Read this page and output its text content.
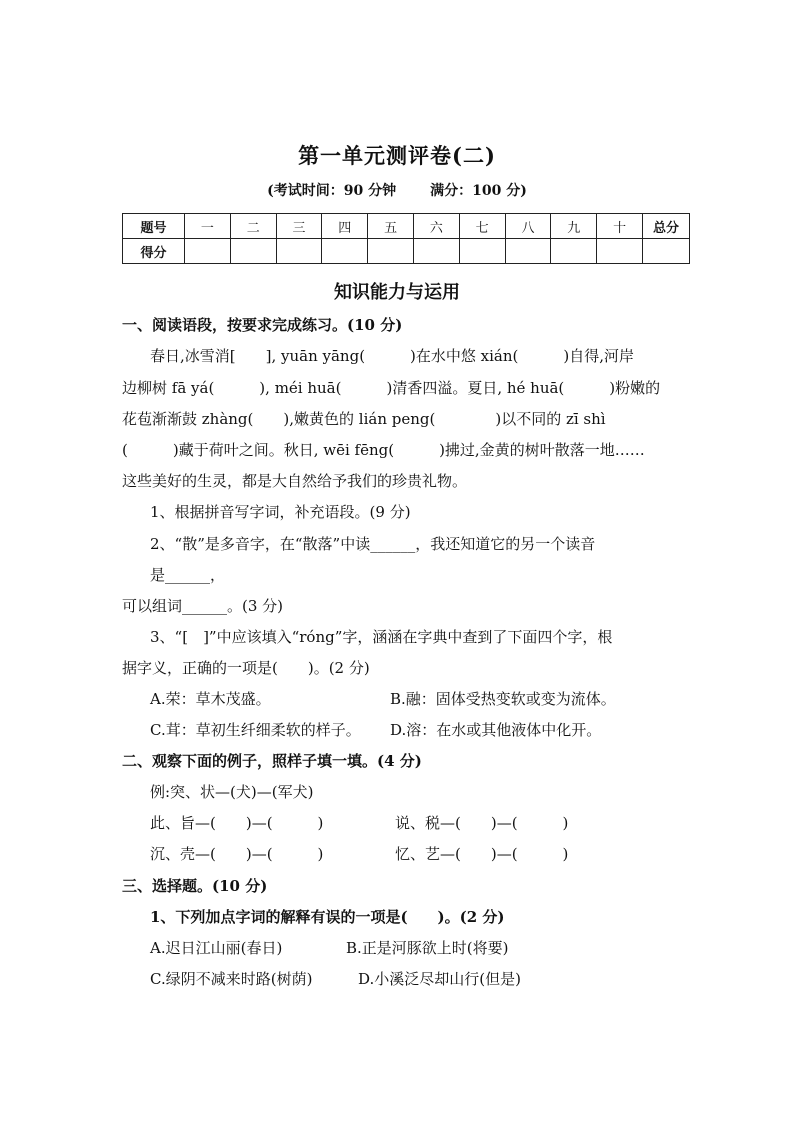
第一单元测评卷(二)
(考试时间：90 分钟 满分：100 分)
题号	一	二	三	四	五	六	七	八	九	十	总分
得分											
知识能力与运用
一、阅读语段，按要求完成练习。(10 分)
春日,冰雪消[　　], yuān yāng(　　　)在水中悠 xián(　　　)自得,河岸
边柳树 fā yá(　　　), méi huā(　　　)清香四溢。夏日, hé huā(　　　)粉嫩的
花苞渐渐鼓 zhàng(　　),嫩黄色的 lián peng(　　　　)以不同的 zī shì
(　　　)藏于荷叶之间。秋日, wēi fēng(　　　)拂过,金黄的树叶散落一地……
这些美好的生灵，都是大自然给予我们的珍贵礼物。
1、根据拼音写字词，补充语段。(9 分)
2、“散”是多音字，在“散落”中读______，我还知道它的另一个读音
是______，
可以组词______。(3 分)
3、“[　]”中应该填入“róng”字，涵涵在字典中查到了下面四个字，根
据字义，正确的一项是(　　)。(2 分)
A.荣：草木茂盛。	B.融：固体受热变软或变为流体。
C.茸：草初生纤细柔软的样子。 D.溶：在水或其他液体中化开。
二、观察下面的例子，照样子填一填。(4 分)
例:突、状—(犬)—(军犬)
此、旨—(　　)—(　　　)	说、税—(　　)—(　　　)
沉、壳—(　　)—(　　　)	忆、艺—(　　)—(　　　)
三、选择题。(10 分)
1、下列加点字词的解释有误的一项是(　　)。(2 分)
A.迟日江山丽(春日)	B.正是河豚欲上时(将要)
C.绿阴不减来时路(树荫)	D.小溪泛尽却山行(但是)
